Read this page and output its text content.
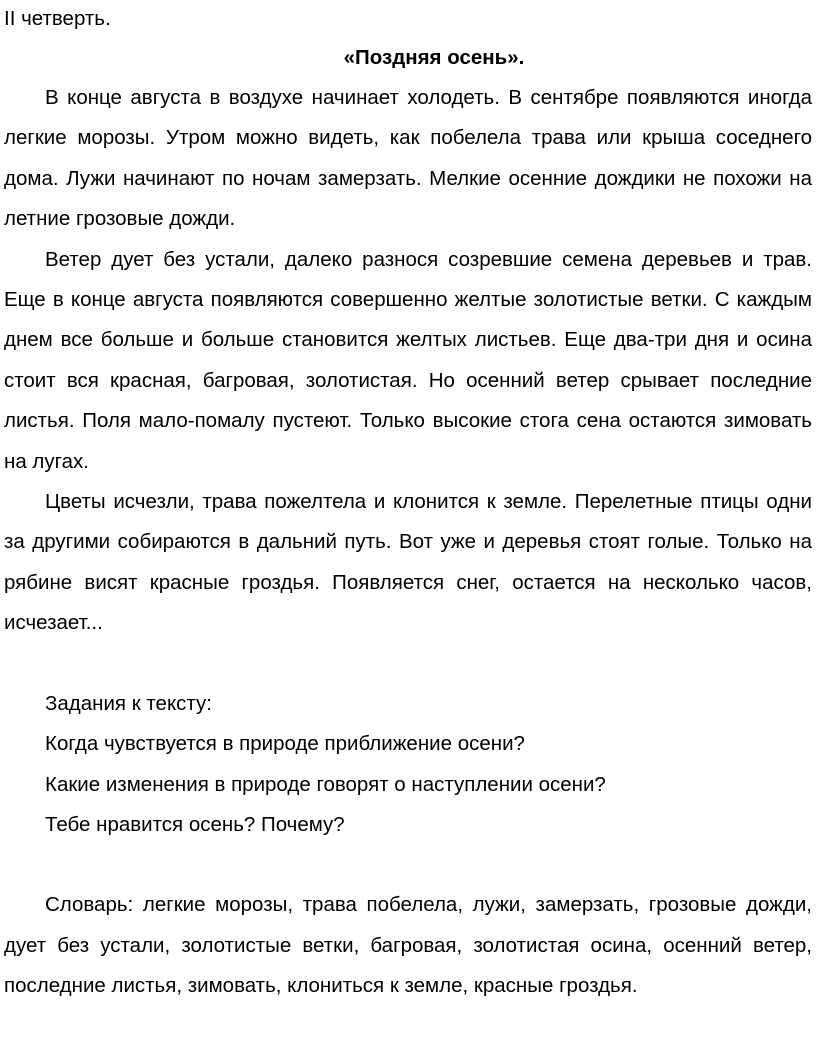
II четверть.

«Поздняя осень».

В конце августа в воздухе начинает холодеть. В сентябре появляются иногда легкие морозы. Утром можно видеть, как побелела трава или крыша соседнего дома. Лужи начинают по ночам замерзать. Мелкие осенние дождики не похожи на летние грозовые дожди.

Ветер дует без устали, далеко разнося созревшие семена деревьев и трав. Еще в конце августа появляются совершенно желтые золотистые ветки. С каждым днем все больше и больше становится желтых листьев. Еще два-три дня и осина стоит вся красная, багровая, золотистая. Но осенний ветер срывает последние листья. Поля мало-помалу пустеют. Только высокие стога сена остаются зимовать на лугах.

Цветы исчезли, трава пожелтела и клонится к земле. Перелетные птицы одни за другими собираются в дальний путь. Вот уже и деревья стоят голые. Только на рябине висят красные гроздья. Появляется снег, остается на несколько часов, исчезает...

Задания к тексту:

Когда чувствуется в природе приближение осени?

Какие изменения в природе говорят о наступлении осени?

Тебе нравится осень? Почему?

Словарь: легкие морозы, трава побелела, лужи, замерзать, грозовые дожди, дует без устали, золотистые ветки, багровая, золотистая осина, осенний ветер, последние листья, зимовать, клониться к земле, красные гроздья.
